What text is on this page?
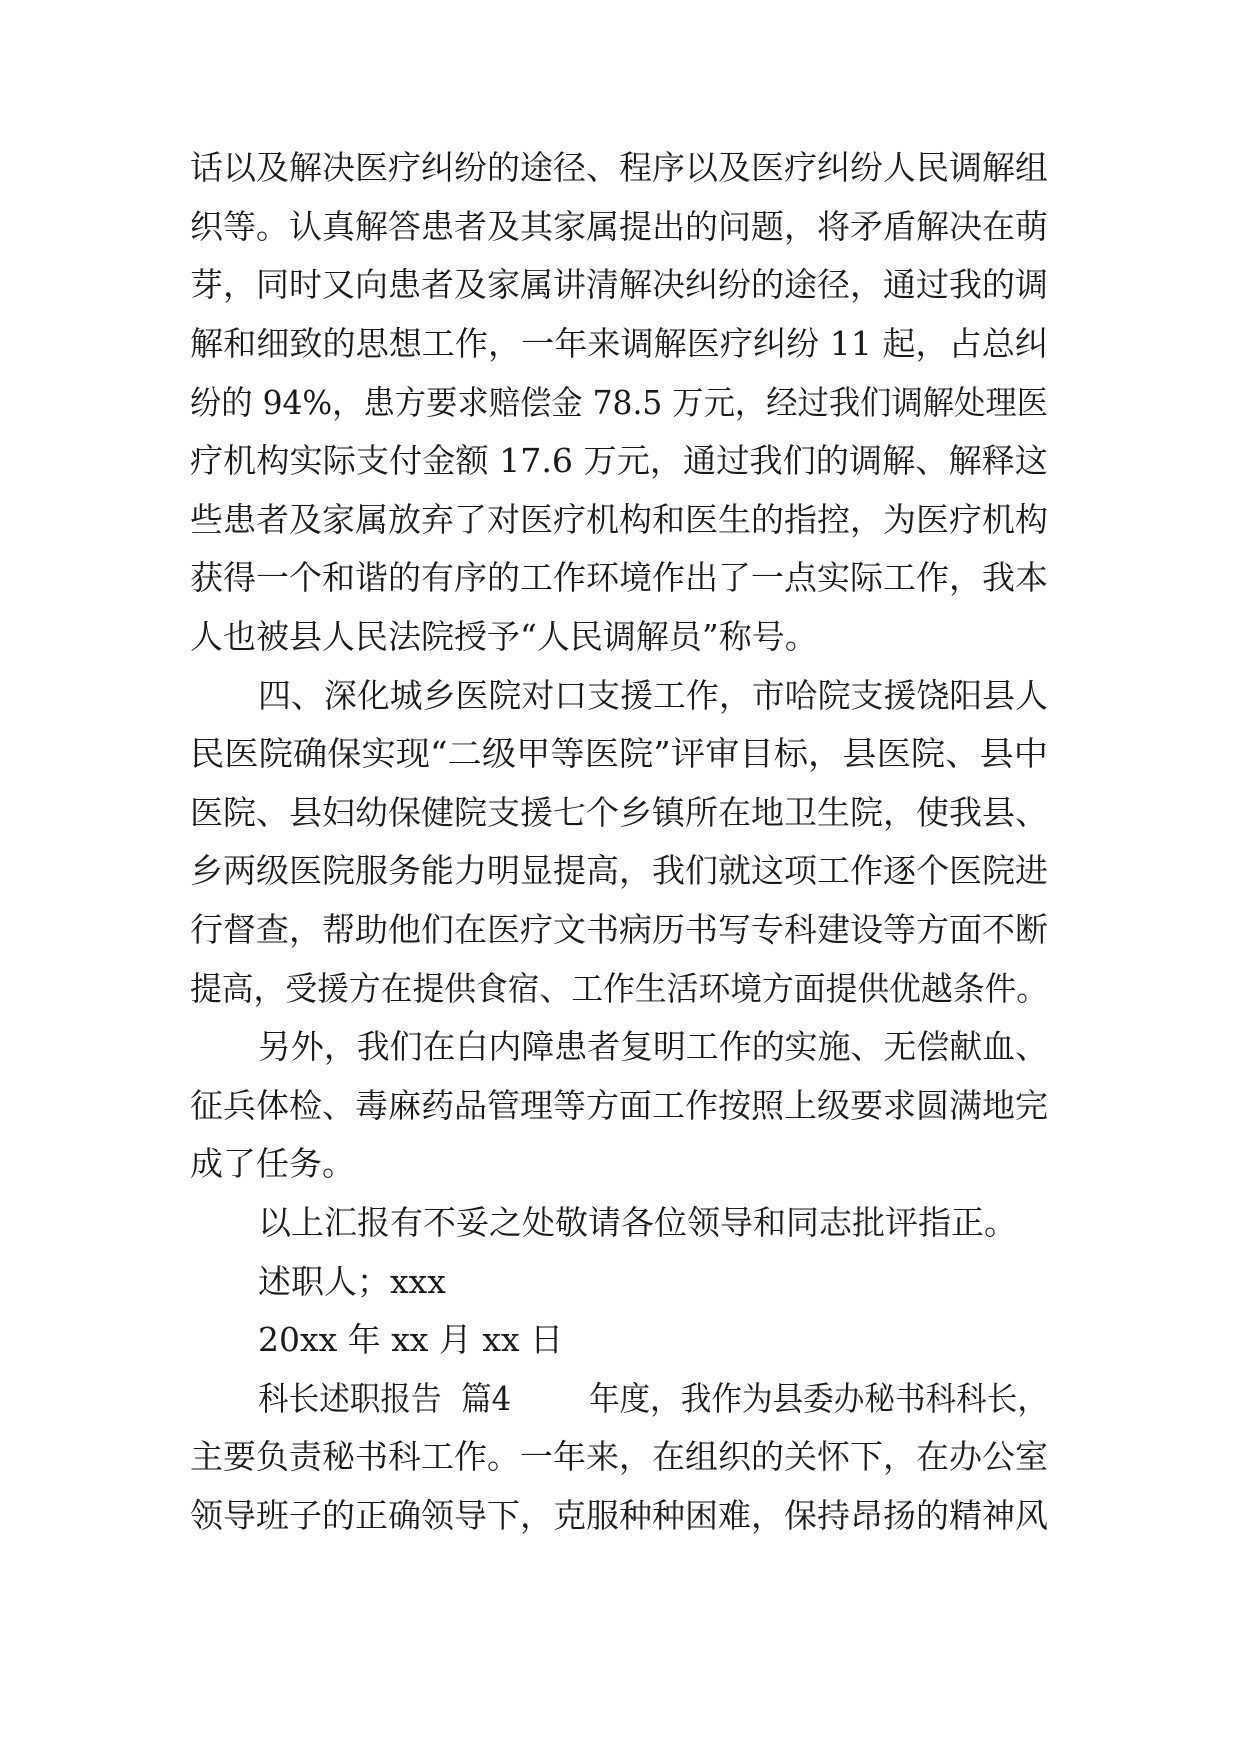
话以及解决医疗纠纷的途径、程序以及医疗纠纷人民调解组
织等。认真解答患者及其家属提出的问题，将矛盾解决在萌
芽，同时又向患者及家属讲清解决纠纷的途径，通过我的调
解和细致的思想工作，一年来调解医疗纠纷 11 起，占总纠
纷的 94%，患方要求赔偿金 78.5 万元，经过我们调解处理医
疗机构实际支付金额 17.6 万元，通过我们的调解、解释这
些患者及家属放弃了对医疗机构和医生的指控，为医疗机构
获得一个和谐的有序的工作环境作出了一点实际工作，我本
人也被县人民法院授予“人民调解员”称号。
四、深化城乡医院对口支援工作，市哈院支援饶阳县人
民医院确保实现“二级甲等医院”评审目标，县医院、县中
医院、县妇幼保健院支援七个乡镇所在地卫生院，使我县、
乡两级医院服务能力明显提高，我们就这项工作逐个医院进
行督查，帮助他们在医疗文书病历书写专科建设等方面不断
提高，受援方在提供食宿、工作生活环境方面提供优越条件。
另外，我们在白内障患者复明工作的实施、无偿献血、
征兵体检、毒麻药品管理等方面工作按照上级要求圆满地完
成了任务。
以上汇报有不妥之处敬请各位领导和同志批评指正。
述职人；xxx
20xx 年 xx 月 xx 日
科长述职报告  篇4        年度，我作为县委办秘书科科长，
主要负责秘书科工作。一年来，在组织的关怀下，在办公室
领导班子的正确领导下，克服种种困难，保持昂扬的精神风
